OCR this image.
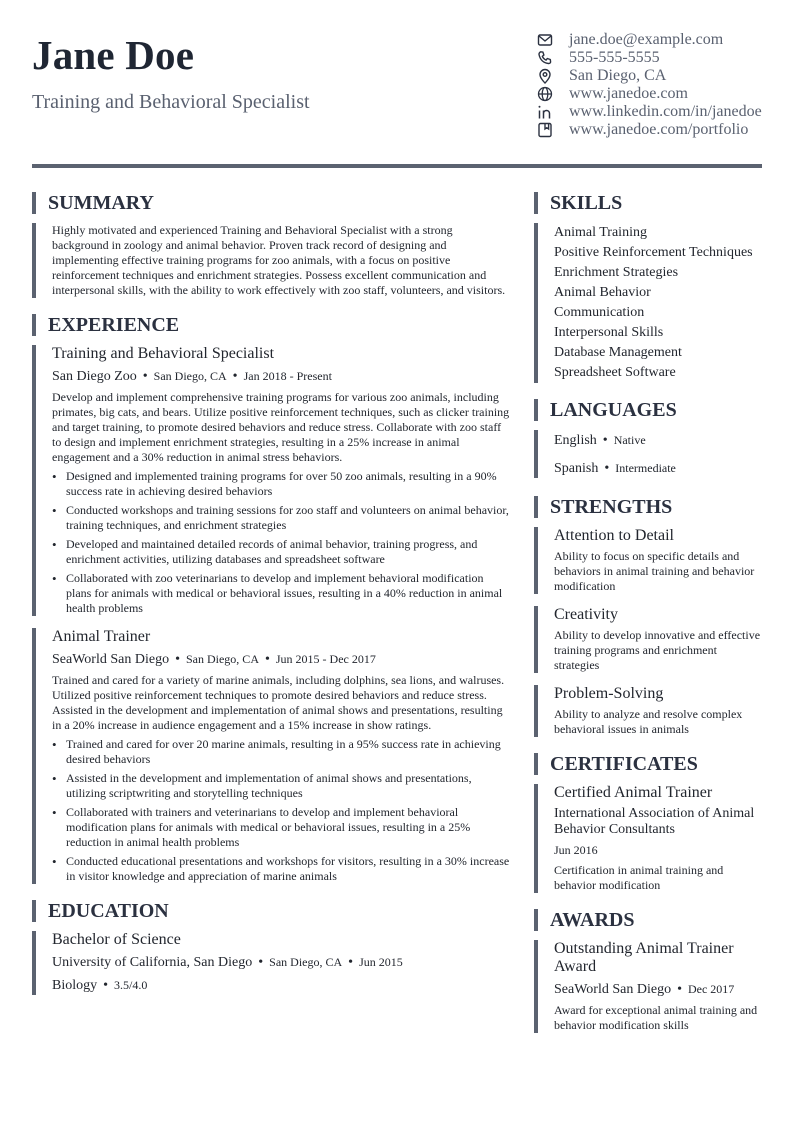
Jane Doe
Training and Behavioral Specialist
jane.doe@example.com
555-555-5555
San Diego, CA
www.janedoe.com
www.linkedin.com/in/janedoe
www.janedoe.com/portfolio
SUMMARY
Highly motivated and experienced Training and Behavioral Specialist with a strong background in zoology and animal behavior. Proven track record of designing and implementing effective training programs for zoo animals, with a focus on positive reinforcement techniques and enrichment strategies. Possess excellent communication and interpersonal skills, with the ability to work effectively with zoo staff, volunteers, and visitors.
EXPERIENCE
Training and Behavioral Specialist
San Diego Zoo • San Diego, CA • Jan 2018 - Present
Develop and implement comprehensive training programs for various zoo animals, including primates, big cats, and bears. Utilize positive reinforcement techniques, such as clicker training and target training, to promote desired behaviors and reduce stress. Collaborate with zoo staff to design and implement enrichment strategies, resulting in a 25% increase in animal engagement and a 30% reduction in animal stress behaviors.
• Designed and implemented training programs for over 50 zoo animals, resulting in a 90% success rate in achieving desired behaviors
• Conducted workshops and training sessions for zoo staff and volunteers on animal behavior, training techniques, and enrichment strategies
• Developed and maintained detailed records of animal behavior, training progress, and enrichment activities, utilizing databases and spreadsheet software
• Collaborated with zoo veterinarians to develop and implement behavioral modification plans for animals with medical or behavioral issues, resulting in a 40% reduction in animal health problems
Animal Trainer
SeaWorld San Diego • San Diego, CA • Jun 2015 - Dec 2017
Trained and cared for a variety of marine animals, including dolphins, sea lions, and walruses. Utilized positive reinforcement techniques to promote desired behaviors and reduce stress. Assisted in the development and implementation of animal shows and presentations, resulting in a 20% increase in audience engagement and a 15% increase in show ratings.
• Trained and cared for over 20 marine animals, resulting in a 95% success rate in achieving desired behaviors
• Assisted in the development and implementation of animal shows and presentations, utilizing scriptwriting and storytelling techniques
• Collaborated with trainers and veterinarians to develop and implement behavioral modification plans for animals with medical or behavioral issues, resulting in a 25% reduction in animal health problems
• Conducted educational presentations and workshops for visitors, resulting in a 30% increase in visitor knowledge and appreciation of marine animals
EDUCATION
Bachelor of Science
University of California, San Diego • San Diego, CA • Jun 2015
Biology • 3.5/4.0
SKILLS
Animal Training
Positive Reinforcement Techniques
Enrichment Strategies
Animal Behavior
Communication
Interpersonal Skills
Database Management
Spreadsheet Software
LANGUAGES
English • Native
Spanish • Intermediate
STRENGTHS
Attention to Detail
Ability to focus on specific details and behaviors in animal training and behavior modification
Creativity
Ability to develop innovative and effective training programs and enrichment strategies
Problem-Solving
Ability to analyze and resolve complex behavioral issues in animals
CERTIFICATES
Certified Animal Trainer
International Association of Animal Behavior Consultants
Jun 2016
Certification in animal training and behavior modification
AWARDS
Outstanding Animal Trainer Award
SeaWorld San Diego • Dec 2017
Award for exceptional animal training and behavior modification skills
